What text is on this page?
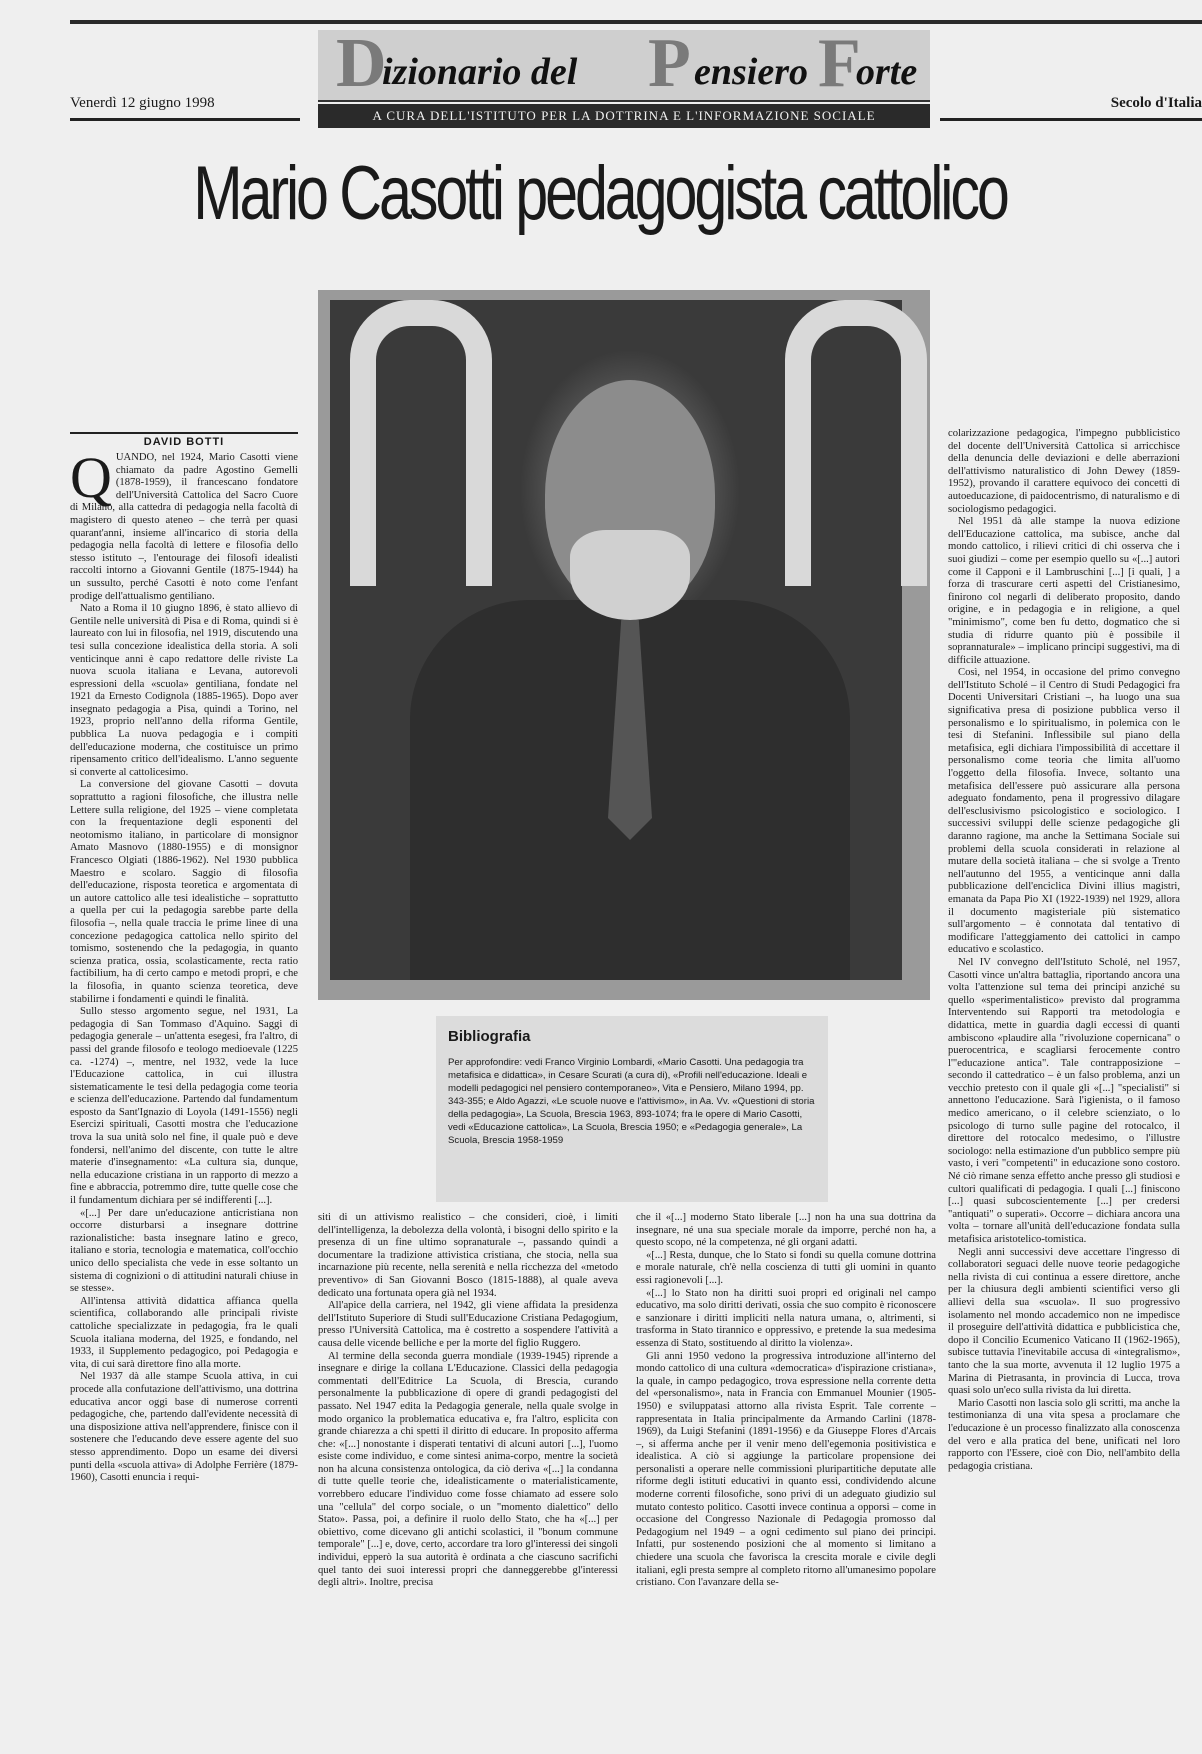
Venerdì 12 giugno 1998	Secolo d'Italia
D
izionario del P ensiero F
orte
A CURA DELL'ISTITUTO PER LA DOTTRINA E L'INFORMAZIONE SOCIALE
Mario Casotti pedagogista cattolico
DAVID BOTTI

QUANDO, nel 1924, Mario Casotti viene chiamato da padre Agostino Gemelli (1878-1959), il francescano fondatore dell'Università Cattolica del Sacro Cuore di Milano, alla cattedra di pedagogia nella facoltà di magistero di questo ateneo – che terrà per quasi quarant'anni, insieme all'incarico di storia della pedagogia nella facoltà di lettere e filosofia dello stesso istituto –, l'entourage dei filosofi idealisti raccolti intorno a Giovanni Gentile (1875-1944) ha un sussulto, perché Casotti è noto come l'enfant prodige dell'attualismo gentiliano.

Nato a Roma il 10 giugno 1896, è stato allievo di Gentile nelle università di Pisa e di Roma, quindi si è laureato con lui in filosofia, nel 1919, discutendo una tesi sulla concezione idealistica della storia. A soli venticinque anni è capo redattore delle riviste La nuova scuola italiana e Levana, autorevoli espressioni della «scuola» gentiliana, fondate nel 1921 da Ernesto Codignola (1885-1965). Dopo aver insegnato pedagogia a Pisa, quindi a Torino, nel 1923, proprio nell'anno della riforma Gentile, pubblica La nuova pedagogia e i compiti dell'educazione moderna, che costituisce un primo ripensamento critico dell'idealismo. L'anno seguente si converte al cattolicesimo.

La conversione del giovane Casotti – dovuta soprattutto a ragioni filosofiche, che illustra nelle Lettere sulla religione, del 1925 – viene completata con la frequentazione degli esponenti del neotomismo italiano, in particolare di monsignor Amato Masnovo (1880-1955) e di monsignor Francesco Olgiati (1886-1962). Nel 1930 pubblica Maestro e scolaro. Saggio di filosofia dell'educazione, risposta teoretica e argomentata di un autore cattolico alle tesi idealistiche – soprattutto a quella per cui la pedagogia sarebbe parte della filosofia –, nella quale traccia le prime linee di una concezione pedagogica cattolica nello spirito del tomismo, sostenendo che la pedagogia, in quanto scienza pratica, ossia, scolasticamente, recta ratio factibilium, ha di certo campo e metodi propri, e che la filosofia, in quanto scienza teoretica, deve stabilirne i fondamenti e quindi le finalità.

Sullo stesso argomento segue, nel 1931, La pedagogia di San Tommaso d'Aquino. Saggi di pedagogia generale – un'attenta esegesi, fra l'altro, di passi del grande filosofo e teologo medioevale (1225 ca. -1274) –, mentre, nel 1932, vede la luce l'Educazione cattolica, in cui illustra sistematicamente le tesi della pedagogia come teoria e scienza dell'educazione. Partendo dal fundamentum esposto da Sant'Ignazio di Loyola (1491-1556) negli Esercizi spirituali, Casotti mostra che l'educazione trova la sua unità solo nel fine, il quale può e deve fondersi, nell'animo del discente, con tutte le altre materie d'insegnamento: «La cultura sia, dunque, nella educazione cristiana in un rapporto di mezzo a fine e abbraccia, potremmo dire, tutte quelle cose che il fundamentum dichiara per sé indifferenti [...].

«[...] Per dare un'educazione anticristiana non occorre disturbarsi a insegnare dottrine razionalistiche: basta insegnare latino e greco, italiano e storia, tecnologia e matematica, coll'occhio unico dello specialista che vede in esse soltanto un sistema di cognizioni o di attitudini naturali chiuse in se stesse».

All'intensa attività didattica affianca quella scientifica, collaborando alle principali riviste cattoliche specializzate in pedagogia, fra le quali Scuola italiana moderna, del 1925, e fondando, nel 1933, il Supplemento pedagogico, poi Pedagogia e vita, di cui sarà direttore fino alla morte.

Nel 1937 dà alle stampe Scuola attiva, in cui procede alla confutazione dell'attivismo, una dottrina educativa ancor oggi base di numerose correnti pedagogiche, che, partendo dall'evidente necessità di una disposizione attiva nell'apprendere, finisce con il sostenere che l'educando deve essere agente del suo stesso apprendimento. Dopo un esame dei diversi punti della «scuola attiva» di Adolphe Ferrière (1879-1960), Casotti enuncia i requi-

Bibliografia
Per approfondire: vedi Franco Virginio Lombardi, «Mario Casotti. Una pedagogia tra metafisica e didattica», in Cesare Scurati (a cura di), «Profili nell'educazione. Ideali e modelli pedagogici nel pensiero contemporaneo», Vita e Pensiero, Milano 1994, pp. 343-355; e Aldo Agazzi, «Le scuole nuove e l'attivismo», in Aa. Vv. «Questioni di storia della pedagogia», La Scuola, Brescia 1963, 893-1074; fra le opere di Mario Casotti, vedi «Educazione cattolica», La Scuola, Brescia 1950; e «Pedagogia generale», La Scuola, Brescia 1958-1959

siti di un attivismo realistico – che consideri, cioè, i limiti dell'intelligenza, la debolezza della volontà, i bisogni dello spirito e la presenza di un fine ultimo sopranaturale –, passando quindi a documentare la tradizione attivistica cristiana, che stocia, nella sua incarnazione più recente, nella serenità e nella ricchezza del «metodo preventivo» di San Giovanni Bosco (1815-1888), al quale aveva dedicato una fortunata opera già nel 1934.

All'apice della carriera, nel 1942, gli viene affidata la presidenza dell'Istituto Superiore di Studi sull'Educazione Cristiana Pedagogium, presso l'Università Cattolica, ma è costretto a sospendere l'attività a causa delle vicende belliche e per la morte del figlio Ruggero.

Al termine della seconda guerra mondiale (1939-1945) riprende a insegnare e dirige la collana L'Educazione. Classici della pedagogia commentati dell'Editrice La Scuola, di Brescia, curando personalmente la pubblicazione di opere di grandi pedagogisti del passato. Nel 1947 edita la Pedagogia generale, nella quale svolge in modo organico la problematica educativa e, fra l'altro, esplicita con grande chiarezza a chi spetti il diritto di educare. In proposito afferma che: «[...] nonostante i disperati tentativi di alcuni autori [...], l'uomo esiste come individuo, e come sintesi anima-corpo, mentre la società non ha alcuna consistenza ontologica, da ciò deriva «[...] la condanna di tutte quelle teorie che, idealisticamente o materialisticamente, vorrebbero educare l'individuo come fosse chiamato ad essere solo una "cellula" del corpo sociale, o un "momento dialettico" dello Stato». Passa, poi, a definire il ruolo dello Stato, che ha «[...] per obiettivo, come dicevano gli antichi scolastici, il "bonum commune temporale" [...] e, dove, certo, accordare tra loro gl'interessi dei singoli individui, epperò la sua autorità è ordinata a che ciascuno sacrifichi quel tanto dei suoi interessi propri che danneggerebbe gl'interessi degli altri». Inoltre, precisa

che il «[...] moderno Stato liberale [...] non ha una sua dottrina da insegnare, né una sua speciale morale da imporre, perché non ha, a questo scopo, né la competenza, né gli organi adatti.

«[...] Resta, dunque, che lo Stato si fondi su quella comune dottrina e morale naturale, ch'è nella coscienza di tutti gli uomini in quanto essi ragionevoli [...].

«[...] lo Stato non ha diritti suoi propri ed originali nel campo educativo, ma solo diritti derivati, ossia che suo compito è riconoscere e sanzionare i diritti impliciti nella natura umana, o, altrimenti, si trasforma in Stato tirannico e oppressivo, e pretende la sua medesima essenza di Stato, sostituendo al diritto la violenza».

Gli anni 1950 vedono la progressiva introduzione all'interno del mondo cattolico di una cultura «democratica» d'ispirazione cristiana», la quale, in campo pedagogico, trova espressione nella corrente detta del «personalismo», nata in Francia con Emmanuel Mounier (1905-1950) e sviluppatasi attorno alla rivista Esprit. Tale corrente – rappresentata in Italia principalmente da Armando Carlini (1878-1969), da Luigi Stefanini (1891-1956) e da Giuseppe Flores d'Arcais –, si afferma anche per il venir meno dell'egemonia positivistica e idealistica. A ciò si aggiunge la particolare propensione dei personalisti a operare nelle commissioni pluripartitiche deputate alle riforme degli istituti educativi in quanto essi, condividendo alcune moderne correnti filosofiche, sono privi di un adeguato giudizio sul mutato contesto politico. Casotti invece continua a opporsi – come in occasione del Congresso Nazionale di Pedagogia promosso dal Pedagogium nel 1949 – a ogni cedimento sul piano dei principi. Infatti, pur sostenendo posizioni che al momento si limitano a chiedere una scuola che favorisca la crescita morale e civile degli italiani, egli presta sempre al completo ritorno all'umanesimo popolare cristiano. Con l'avanzare della se-

colarizzazione pedagogica, l'impegno pubblicistico del docente dell'Università Cattolica si arricchisce della denuncia delle deviazioni e delle aberrazioni dell'attivismo naturalistico di John Dewey (1859-1952), provando il carattere equivoco dei concetti di autoeducazione, di paidocentrismo, di naturalismo e di sociologismo pedagogici.

Nel 1951 dà alle stampe la nuova edizione dell'Educazione cattolica, ma subisce, anche dal mondo cattolico, i rilievi critici di chi osserva che i suoi giudizi – come per esempio quello su «[...] autori come il Capponi e il Lambruschini [...] [i quali, ] a forza di trascurare certi aspetti del Cristianesimo, finirono col negarli di deliberato proposito, dando origine, e in pedagogia e in religione, a quel "minimismo", come ben fu detto, dogmatico che si studia di ridurre quanto più è possibile il soprannaturale» – implicano principi suggestivi, ma di difficile attuazione.

Così, nel 1954, in occasione del primo convegno dell'Istituto Scholé – il Centro di Studi Pedagogici fra Docenti Universitari Cristiani –, ha luogo una sua significativa presa di posizione pubblica verso il personalismo e lo spiritualismo, in polemica con le tesi di Stefanini. Inflessibile sul piano della metafisica, egli dichiara l'impossibilità di accettare il personalismo come teoria che limita all'uomo l'oggetto della filosofia. Invece, soltanto una metafisica dell'essere può assicurare alla persona adeguato fondamento, pena il progressivo dilagare dell'esclusivismo psicologistico e sociologico. I successivi sviluppi delle scienze pedagogiche gli daranno ragione, ma anche la Settimana Sociale sui problemi della scuola considerati in relazione al mutare della società italiana – che si svolge a Trento nell'autunno del 1955, a venticinque anni dalla pubblicazione dell'enciclica Divini illius magistri, emanata da Papa Pio XI (1922-1939) nel 1929, allora il documento magisteriale più sistematico sull'argomento – è connotata dal tentativo di modificare l'atteggiamento dei cattolici in campo educativo e scolastico.

Nel IV convegno dell'Istituto Scholé, nel 1957, Casotti vince un'altra battaglia, riportando ancora una volta l'attenzione sul tema dei principi anziché su quello «sperimentalistico» previsto dal programma Interventendo sui Rapporti tra metodologia e didattica, mette in guardia dagli eccessi di quanti ambiscono «plaudire alla "rivoluzione copernicana" o puerocentrica, e scagliarsi ferocemente contro l'"educazione antica". Tale contrapposizione – secondo il cattedratico – è un falso problema, anzi un vecchio pretesto con il quale gli «[...] "specialisti" si annettono l'educazione. Sarà l'igienista, o il famoso medico americano, o il celebre scienziato, o lo psicologo di turno sulle pagine del rotocalco, il direttore del rotocalco medesimo, o l'illustre sociologo: nella estimazione d'un pubblico sempre più vasto, i veri "competenti" in educazione sono costoro. Né ciò rimane senza effetto anche presso gli studiosi e cultori qualificati di pedagogia. I quali [...] finiscono [...] quasi subcoscientemente [...] per credersi "antiquati" o superati». Occorre – dichiara ancora una volta – tornare all'unità dell'educazione fondata sulla metafisica aristotelico-tomistica.

Negli anni successivi deve accettare l'ingresso di collaboratori seguaci delle nuove teorie pedagogiche nella rivista di cui continua a essere direttore, anche per la chiusura degli ambienti scientifici verso gli allievi della sua «scuola». Il suo progressivo isolamento nel mondo accademico non ne impedisce il proseguire dell'attività didattica e pubblicistica che, dopo il Concilio Ecumenico Vaticano II (1962-1965), subisce tuttavia l'inevitabile accusa di «integralismo», tanto che la sua morte, avvenuta il 12 luglio 1975 a Marina di Pietrasanta, in provincia di Lucca, trova quasi solo un'eco sulla rivista da lui diretta.

Mario Casotti non lascia solo gli scritti, ma anche la testimonianza di una vita spesa a proclamare che l'educazione è un processo finalizzato alla conoscenza del vero e alla pratica del bene, unificati nel loro rapporto con l'Essere, cioè con Dio, nell'ambito della pedagogia cristiana.
